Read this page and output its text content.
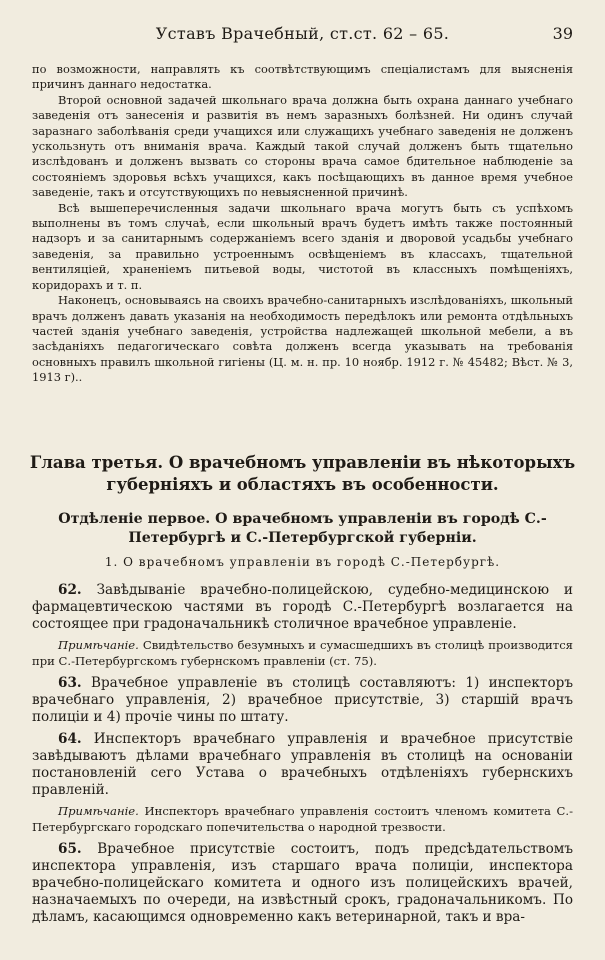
Уставъ Врачебный, ст.ст. 62 – 65.	39

по возможности, направлять къ соотвѣтствующимъ спеціалистамъ для выясненія причинъ даннаго недостатка.

Второй основной задачей школьнаго врача должна быть охрана даннаго учебнаго заведенія отъ занесенія и развитія въ немъ заразныхъ болѣзней. Ни одинъ случай заразнаго заболѣванія среди учащихся или служащихъ учебнаго заведенія не долженъ ускользнуть отъ вниманія врача. Каждый такой случай долженъ быть тщательно изслѣдованъ и долженъ вызвать со стороны врача самое бдительное наблюденіе за состояніемъ здоровья всѣхъ учащихся, какъ посѣщающихъ въ данное время учебное заведеніе, такъ и отсутствующихъ по невыясненной причинѣ.

Всѣ вышеперечисленныя задачи школьнаго врача могутъ быть съ успѣхомъ выполнены въ томъ случаѣ, если школьный врачъ будетъ имѣть также постоянный надзоръ и за санитарнымъ содержаніемъ всего зданія и дворовой усадьбы учебнаго заведенія, за правильно устроеннымъ освѣщеніемъ въ классахъ, тщательной вентиляціей, храненіемъ питьевой воды, чистотой въ классныхъ помѣщеніяхъ, коридорахъ и т. п.

Наконецъ, основываясь на своихъ врачебно-санитарныхъ изслѣдованіяхъ, школьный врачъ долженъ давать указанія на необходимость передѣлокъ или ремонта отдѣльныхъ частей зданія учебнаго заведенія, устройства надлежащей школьной мебели, а въ засѣданіяхъ педагогическаго совѣта долженъ всегда указывать на требованія основныхъ правилъ школьной гигіены (Ц. м. н. пр. 10 ноябр. 1912 г. № 45482; Вѣст. № 3, 1913 г)..

Глава третья. О врачебномъ управленіи въ нѣкоторыхъ губерніяхъ и областяхъ въ особенности.
Отдѣленіе первое. О врачебномъ управленіи въ городѣ С.-Петербургѣ и С.-Петербургской губерніи.
1. О врачебномъ управленіи въ городѣ С.-Петербургѣ.

62. Завѣдываніе врачебно-полицейскою, судебно-медицинскою и фармацевтическою частями въ городѣ С.-Петербургѣ возлагается на состоящее при градоначальникѣ столичное врачебное управленіе.

Примѣчаніе. Свидѣтельство безумныхъ и сумасшедшихъ въ столицѣ производится при С.-Петербургскомъ губернскомъ правленіи (ст. 75).

63. Врачебное управленіе въ столицѣ составляютъ: 1) инспекторъ врачебнаго управленія, 2) врачебное присутствіе, 3) старшій врачъ полиціи и 4) прочіе чины по штату.

64. Инспекторъ врачебнаго управленія и врачебное присутствіе завѣдываютъ дѣлами врачебнаго управленія въ столицѣ на основаніи постановленій сего Устава о врачебныхъ отдѣленіяхъ губернскихъ правленій.

Примѣчаніе. Инспекторъ врачебнаго управленія состоитъ членомъ комитета С.-Петербургскаго городскаго попечительства о народной трезвости.

65. Врачебное присутствіе состоитъ, подъ предсѣдательствомъ инспектора управленія, изъ старшаго врача полиціи, инспектора врачебно-полицейскаго комитета и одного изъ полицейскихъ врачей, назначаемыхъ по очереди, на извѣстный срокъ, градоначальникомъ. По дѣламъ, касающимся одновременно какъ ветеринарной, такъ и вра-
